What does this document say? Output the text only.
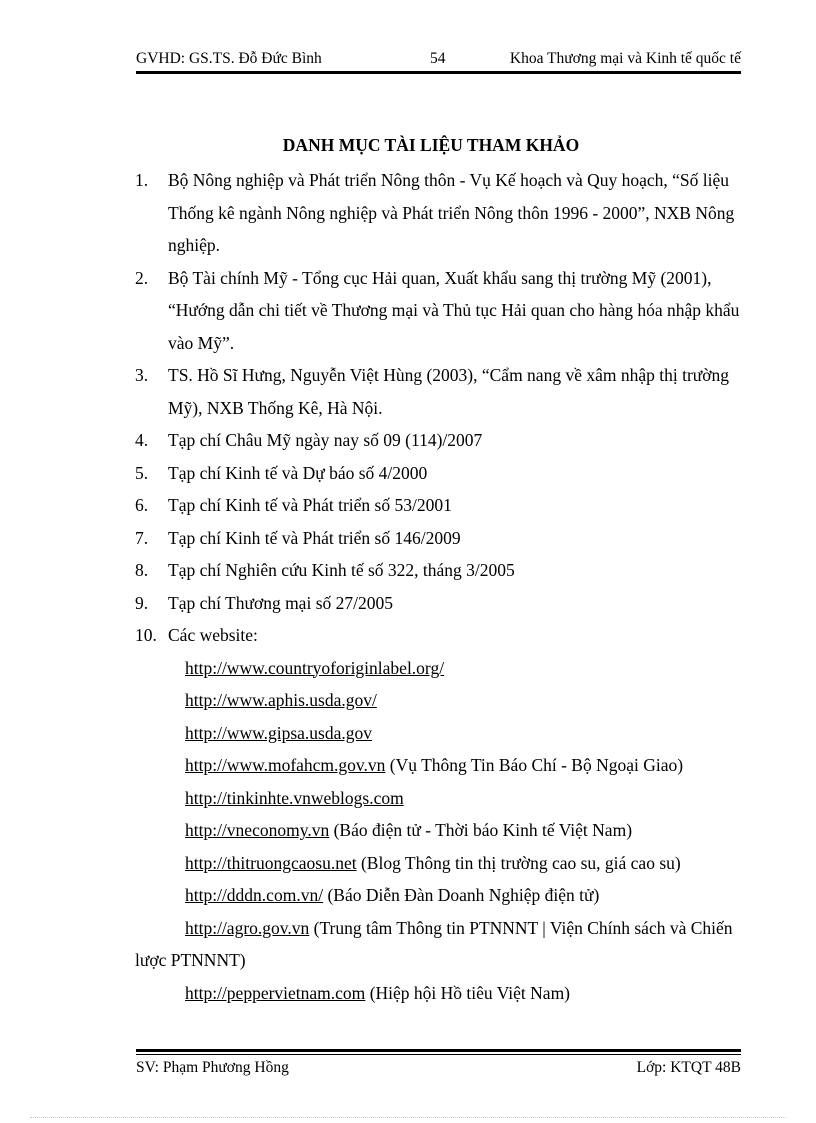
GVHD: GS.TS. Đỗ Đức Bình	54	Khoa Thương mại và Kinh tế quốc tế
DANH MỤC TÀI LIỆU THAM KHẢO
1. Bộ Nông nghiệp và Phát triển Nông thôn - Vụ Kế hoạch và Quy hoạch, “Số liệu Thống kê ngành Nông nghiệp và Phát triển Nông thôn 1996 - 2000”, NXB Nông nghiệp.
2. Bộ Tài chính Mỹ - Tổng cục Hải quan, Xuất khẩu sang thị trường Mỹ (2001), “Hướng dẫn chi tiết về Thương mại và Thủ tục Hải quan cho hàng hóa nhập khẩu vào Mỹ”.
3. TS. Hồ Sĩ Hưng, Nguyễn Việt Hùng (2003), “Cẩm nang về xâm nhập thị trường Mỹ), NXB Thống Kê, Hà Nội.
4. Tạp chí Châu Mỹ ngày nay số 09 (114)/2007
5. Tạp chí Kinh tế và Dự báo số 4/2000
6. Tạp chí Kinh tế và Phát triển số 53/2001
7. Tạp chí Kinh tế và Phát triển số 146/2009
8. Tạp chí Nghiên cứu Kinh tế số 322, tháng 3/2005
9. Tạp chí Thương mại số 27/2005
10. Các website:
http://www.countryoforiginlabel.org/
http://www.aphis.usda.gov/
http://www.gipsa.usda.gov
http://www.mofahcm.gov.vn (Vụ Thông Tin Báo Chí - Bộ Ngoại Giao)
http://tinkinhte.vnweblogs.com
http://vneconomy.vn (Báo điện tử - Thời báo Kinh tế Việt Nam)
http://thitruongcaosu.net (Blog Thông tin thị trường cao su, giá cao su)
http://dddn.com.vn/ (Báo Diễn Đàn Doanh Nghiệp điện tử)
http://agro.gov.vn (Trung tâm Thông tin PTNNNT | Viện Chính sách và Chiến lược PTNNNT)
http://peppervietnam.com (Hiệp hội Hồ tiêu Việt Nam)
SV: Phạm Phương Hồng	Lớp: KTQT 48B
